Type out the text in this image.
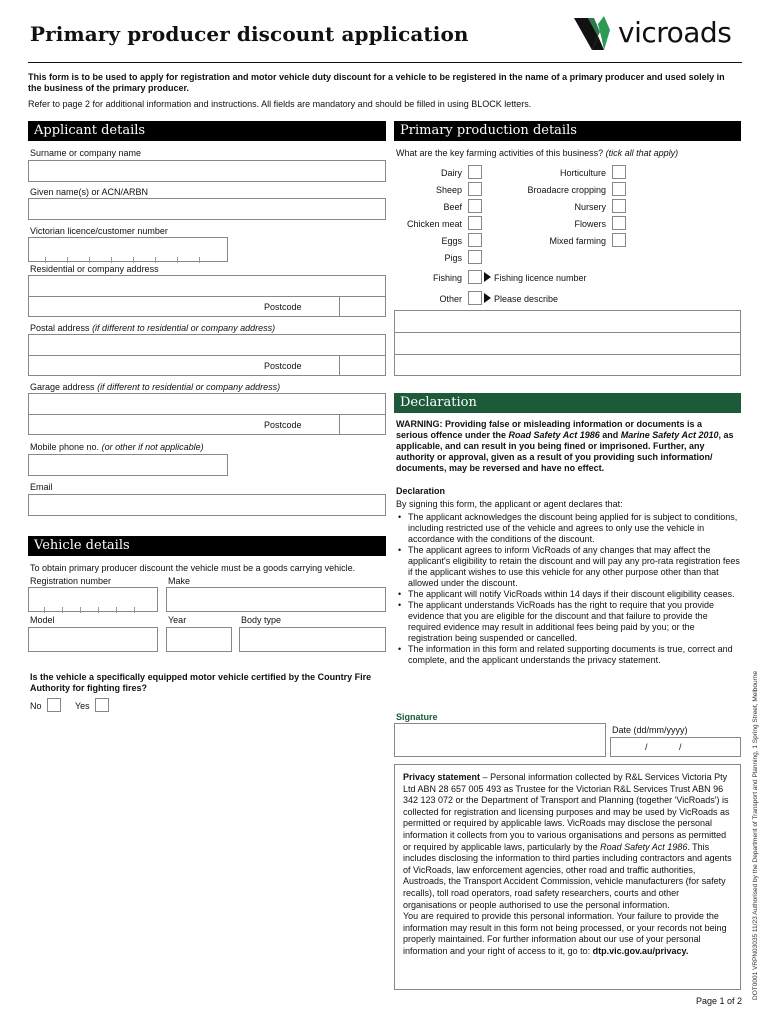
Primary producer discount application	vicroads
This form is to be used to apply for registration and motor vehicle duty discount for a vehicle to be registered in the name of a primary producer and used solely in the business of the primary producer.
Refer to page 2 for additional information and instructions. All fields are mandatory and should be filled in using BLOCK letters.
Applicant details
Surname or company name
Given name(s) or ACN/ARBN
Victorian licence/customer number
Residential or company address
Postcode
Postal address (if different to residential or company address)
Postcode
Garage address (if different to residential or company address)
Postcode
Mobile phone no. (or other if not applicable)
Email
Vehicle details
To obtain primary producer discount the vehicle must be a goods carrying vehicle.
Registration number	Make
Model	Year	Body type
Is the vehicle a specifically equipped motor vehicle certified by the Country Fire Authority for fighting fires?
No	Yes
Primary production details
What are the key farming activities of this business? (tick all that apply)
Dairy
Sheep
Beef
Chicken meat
Eggs
Pigs
Horticulture
Broadacre cropping
Nursery
Flowers
Mixed farming
Fishing	Fishing licence number
Other	Please describe
Declaration
WARNING: Providing false or misleading information or documents is a serious offence under the Road Safety Act 1986 and Marine Safety Act 2010, as applicable, and can result in you being fined or imprisoned. Further, any authority or approval, given as a result of you providing such information/ documents, may be reversed and have no effect.
Declaration
By signing this form, the applicant or agent declares that:
• The applicant acknowledges the discount being applied for is subject to conditions, including restricted use of the vehicle and agrees to only use the vehicle in accordance with the conditions of the discount.
• The applicant agrees to inform VicRoads of any changes that may affect the applicant's eligibility to retain the discount and will pay any pro-rata registration fees if the applicant wishes to use this vehicle for any other purpose other than that allowed under the discount.
• The applicant will notify VicRoads within 14 days if their discount eligibility ceases.
• The applicant understands VicRoads has the right to require that you provide evidence that you are eligible for the discount and that failure to provide the required evidence may result in additional fees being paid by you; or the registration being suspended or cancelled.
• The information in this form and related supporting documents is true, correct and complete, and the applicant understands the privacy statement.
Signature
Date (dd/mm/yyyy)
/	/
Privacy statement – Personal information collected by R&L Services Victoria Pty Ltd ABN 28 657 005 493 as Trustee for the Victorian R&L Services Trust ABN 96 342 123 072 or the Department of Transport and Planning (together 'VicRoads') is collected for registration and licensing purposes and may be used by VicRoads as permitted or required by applicable laws. VicRoads may disclose the personal information it collects from you to various organisations and persons as permitted or required by applicable laws, particularly by the Road Safety Act 1986. This includes disclosing the information to third parties including contractors and agents of VicRoads, law enforcement agencies, other road and traffic authorities, Austroads, the Transport Accident Commission, vehicle manufacturers (for safety recalls), toll road operators, road safety researchers, courts and other organisations or people authorised to use the personal information.
You are required to provide this personal information. Your failure to provide the information may result in this form not being processed, or your records not being properly maintained. For further information about our use of your personal information and your right of access to it, go to: dtp.vic.gov.au/privacy.
Page 1 of 2
DOT0001 VRPN03035 11/23 Authorised by the Department of Transport and Planning, 1 Spring Street, Melbourne
